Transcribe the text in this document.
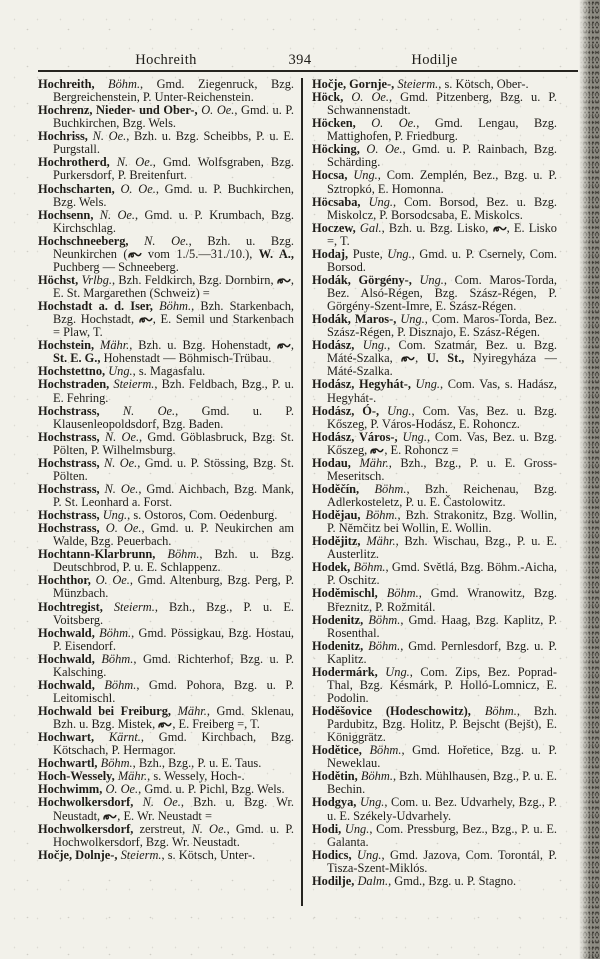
Hochreith	394	Hodilje

Hochreith, Böhm., Gmd. Ziegenruck, Bzg. Bergreichenstein, P. Unter-Reichenstein.

Hochrenz, Nieder- und Ober-, O. Oe., Gmd. u. P. Buchkirchen, Bzg. Wels.

Hochriss, N. Oe., Bzh. u. Bzg. Scheibbs, P. u. E. Purgstall.

Hochrotherd, N. Oe., Gmd. Wolfsgraben, Bzg. Purkersdorf, P. Breitenfurt.

Hochscharten, O. Oe., Gmd. u. P. Buchkirchen, Bzg. Wels.

Hochsenn, N. Oe., Gmd. u. P. Krumbach, Bzg. Kirchschlag.

Hochschneeberg, N. Oe., Bzh. u. Bzg. Neunkirchen (
vom 1./5.—31./10.), W. A., Puchberg — Schneeberg.

Höchst, Vrlbg., Bzh. Feldkirch, Bzg. Dornbirn,
, E. St. Margarethen (Schweiz) =

Hochstadt a. d. Iser, Böhm., Bzh. Starkenbach, Bzg. Hochstadt,
, E. Semil und Starkenbach = Plaw, T.

Hochstein, Mähr., Bzh. u. Bzg. Hohenstadt,
, St. E. G., Hohenstadt — Böhmisch-Trübau.

Hochstettno, Ung., s. Magasfalu.

Hochstraden, Steierm., Bzh. Feldbach, Bzg., P. u. E. Fehring.

Hochstrass, N. Oe., Gmd. u. P. Klausenleopoldsdorf, Bzg. Baden.

Hochstrass, N. Oe., Gmd. Göblasbruck, Bzg. St. Pölten, P. Wilhelmsburg.

Hochstrass, N. Oe., Gmd. u. P. Stössing, Bzg. St. Pölten.

Hochstrass, N. Oe., Gmd. Aichbach, Bzg. Mank, P. St. Leonhard a. Forst.

Hochstrass, Ung., s. Ostoros, Com. Oedenburg.

Hochstrass, O. Oe., Gmd. u. P. Neukirchen am Walde, Bzg. Peuerbach.

Hochtann-Klarbrunn, Böhm., Bzh. u. Bzg. Deutschbrod, P. u. E. Schlappenz.

Hochthor, O. Oe., Gmd. Altenburg, Bzg. Perg, P. Münzbach.

Hochtregist, Steierm., Bzh., Bzg., P. u. E. Voitsberg.

Hochwald, Böhm., Gmd. Pössigkau, Bzg. Hostau, P. Eisendorf.

Hochwald, Böhm., Gmd. Richterhof, Bzg. u. P. Kalsching.

Hochwald, Böhm., Gmd. Pohora, Bzg. u. P. Leitomischl.

Hochwald bei Freiburg, Mähr., Gmd. Sklenau, Bzh. u. Bzg. Mistek,
, E. Freiberg =, T.

Hochwart, Kärnt., Gmd. Kirchbach, Bzg. Kötschach, P. Hermagor.

Hochwartl, Böhm., Bzh., Bzg., P. u. E. Taus.

Hoch-Wessely, Mähr., s. Wessely, Hoch-.

Hochwimm, O. Oe., Gmd. u. P. Pichl, Bzg. Wels.

Hochwolkersdorf, N. Oe., Bzh. u. Bzg. Wr. Neustadt,
, E. Wr. Neustadt =

Hochwolkersdorf, zerstreut, N. Oe., Gmd. u. P. Hochwolkersdorf, Bzg. Wr. Neustadt.

Hočje, Dolnje-, Steierm., s. Kötsch, Unter-.

Hočje, Gornje-, Steierm., s. Kötsch, Ober-.

Höck, O. Oe., Gmd. Pitzenberg, Bzg. u. P. Schwannenstadt.

Höcken, O. Oe., Gmd. Lengau, Bzg. Mattighofen, P. Friedburg.

Höcking, O. Oe., Gmd. u. P. Rainbach, Bzg. Schärding.

Hocsa, Ung., Com. Zemplén, Bez., Bzg. u. P. Sztropkó, E. Homonna.

Höcsaba, Ung., Com. Borsod, Bez. u. Bzg. Miskolcz, P. Borsodcsaba, E. Miskolcs.

Hoczew, Gal., Bzh. u. Bzg. Lisko,
, E. Lisko =, T.

Hodaj, Puste, Ung., Gmd. u. P. Csernely, Com. Borsod.

Hodák, Görgény-, Ung., Com. Maros-Torda, Bez. Alsó-Régen, Bzg. Szász-Régen, P. Görgény-Szent-Imre, E. Szász-Régen.

Hodák, Maros-, Ung., Com. Maros-Torda, Bez. Szász-Régen, P. Disznajo, E. Szász-Régen.

Hodász, Ung., Com. Szatmár, Bez. u. Bzg. Máté-Szalka,
, U. St., Nyiregyháza — Máté-Szalka.

Hodász, Hegyhát-, Ung., Com. Vas, s. Hadász, Hegyhát-.

Hodász, Ó-, Ung., Com. Vas, Bez. u. Bzg. Kőszeg, P. Város-Hodász, E. Rohoncz.

Hodász, Város-, Ung., Com. Vas, Bez. u. Bzg. Kőszeg,
, E. Rohoncz =

Hodau, Mähr., Bzh., Bzg., P. u. E. Gross-Meseritsch.

Hoděčín, Böhm., Bzh. Reichenau, Bzg. Adlerkosteletz, P. u. E. Častolowitz.

Hodějau, Böhm., Bzh. Strakonitz, Bzg. Wollin, P. Němčitz bei Wollin, E. Wollin.

Hodějitz, Mähr., Bzh. Wischau, Bzg., P. u. E. Austerlitz.

Hodek, Böhm., Gmd. Světlá, Bzg. Böhm.-Aicha, P. Oschitz.

Hoděmischl, Böhm., Gmd. Wranowitz, Bzg. Březnitz, P. Rožmitál.

Hodenitz, Böhm., Gmd. Haag, Bzg. Kaplitz, P. Rosenthal.

Hodenitz, Böhm., Gmd. Pernlesdorf, Bzg. u. P. Kaplitz.

Hodermárk, Ung., Com. Zips, Bez. Poprad-Thal, Bzg. Késmárk, P. Holló-Lomnicz, E. Podolin.

Hoděšovice (Hodeschowitz), Böhm., Bzh. Pardubitz, Bzg. Holitz, P. Bejscht (Bejšt), E. Königgrätz.

Hodětice, Böhm., Gmd. Hořetice, Bzg. u. P. Neweklau.

Hodětin, Böhm., Bzh. Mühlhausen, Bzg., P. u. E. Bechin.

Hodgya, Ung., Com. u. Bez. Udvarhely, Bzg., P. u. E. Székely-Udvarhely.

Hodi, Ung., Com. Pressburg, Bez., Bzg., P. u. E. Galanta.

Hodics, Ung., Gmd. Jazova, Com. Torontál, P. Tisza-Szent-Miklós.

Hodilje, Dalm., Gmd., Bzg. u. P. Stagno.
